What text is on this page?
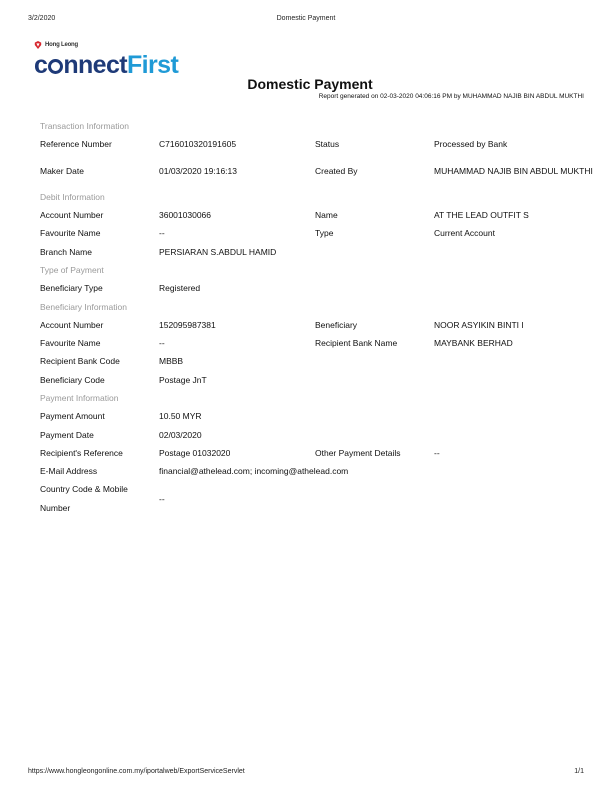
3/2/2020	Domestic Payment
Hong Leong
c nnectFirst
Domestic Payment
Report generated on 02-03-2020 04:06:16 PM by MUHAMMAD NAJIB BIN ABDUL MUKTHI
Transaction Information			
Reference Number	C716010320191605	Status	Processed by Bank
Maker Date	01/03/2020 19:16:13	Created By	MUHAMMAD NAJIB BIN ABDUL MUKTHI
Debit Information			
Account Number	36001030066	Name	AT THE LEAD OUTFIT S
Favourite Name	--	Type	Current Account
Branch Name	PERSIARAN S.ABDUL HAMID		
Type of Payment			
Beneficiary Type	Registered		
Beneficiary Information			
Account Number	152095987381	Beneficiary	NOOR ASYIKIN BINTI I
Favourite Name	--	Recipient Bank Name	MAYBANK BERHAD
Recipient Bank Code	MBBB		
Beneficiary Code	Postage JnT		
Payment Information			
Payment Amount	10.50 MYR		
Payment Date	02/03/2020		
Recipient's Reference	Postage 01032020	Other Payment Details	--
E-Mail Address	financial@athelead.com; incoming@athelead.com		
Country Code & Mobile Number	--		
https://www.hongleongonline.com.my/iportalweb/ExportServiceServlet	1/1
